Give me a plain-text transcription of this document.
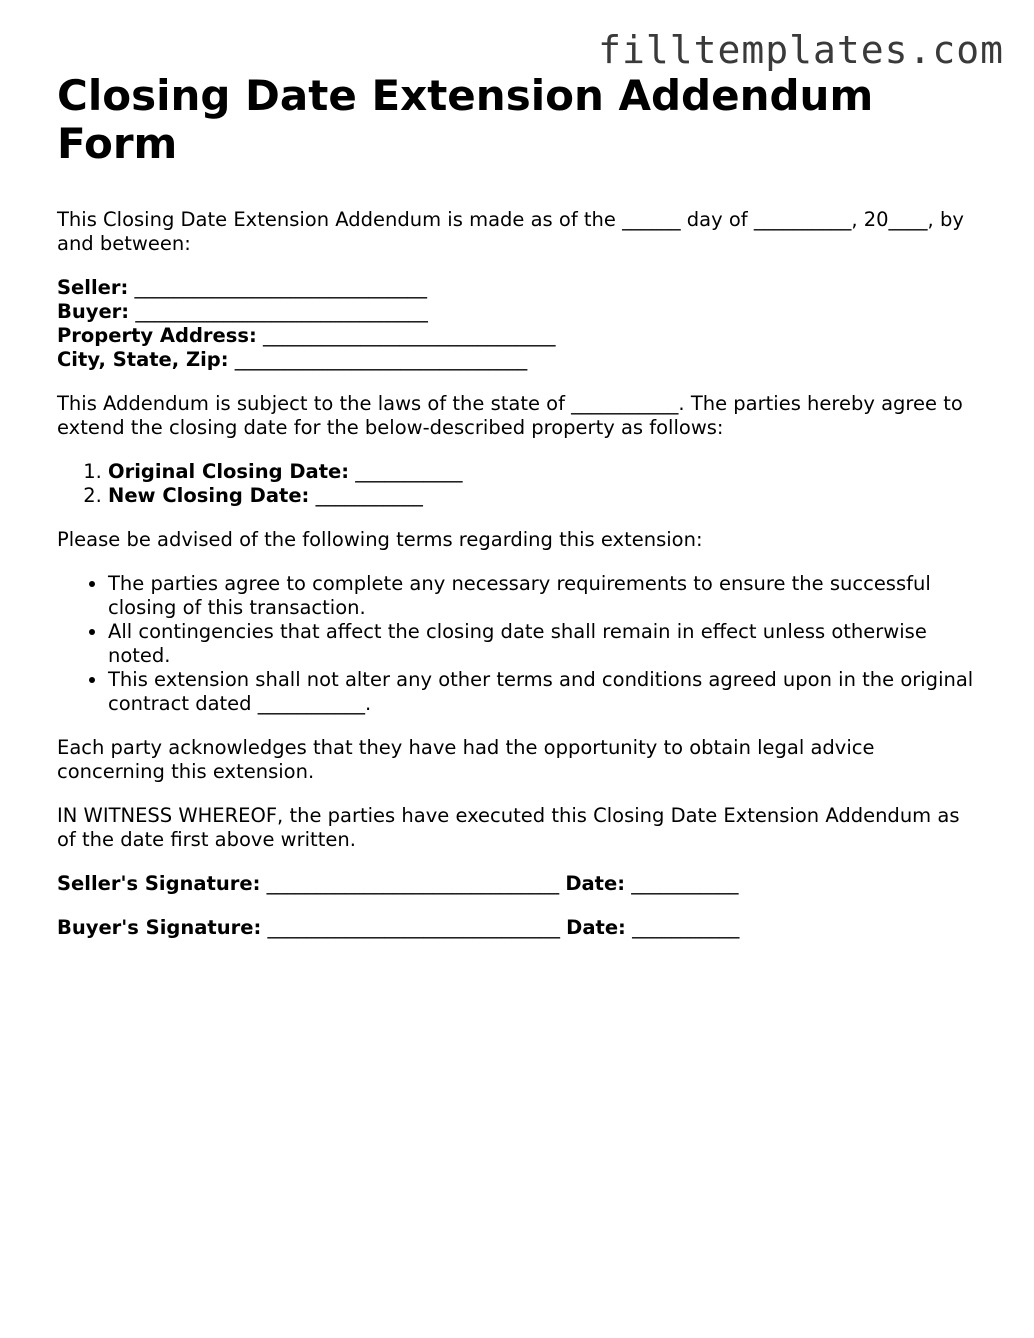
filltemplates.com
Closing Date Extension Addendum Form

This Closing Date Extension Addendum is made as of the ______ day of __________, 20____, by and between:

Seller: ______________________________
Buyer: ______________________________
Property Address: ______________________________
City, State, Zip: ______________________________

This Addendum is subject to the laws of the state of ___________. The parties hereby agree to extend the closing date for the below-described property as follows:

1. Original Closing Date: ___________
2. New Closing Date: ___________

Please be advised of the following terms regarding this extension:

• The parties agree to complete any necessary requirements to ensure the successful closing of this transaction.
• All contingencies that affect the closing date shall remain in effect unless otherwise noted.
• This extension shall not alter any other terms and conditions agreed upon in the original contract dated ___________.

Each party acknowledges that they have had the opportunity to obtain legal advice concerning this extension.

IN WITNESS WHEREOF, the parties have executed this Closing Date Extension Addendum as of the date first above written.

Seller's Signature: ______________________________ Date: ___________
Buyer's Signature: ______________________________ Date: ___________
